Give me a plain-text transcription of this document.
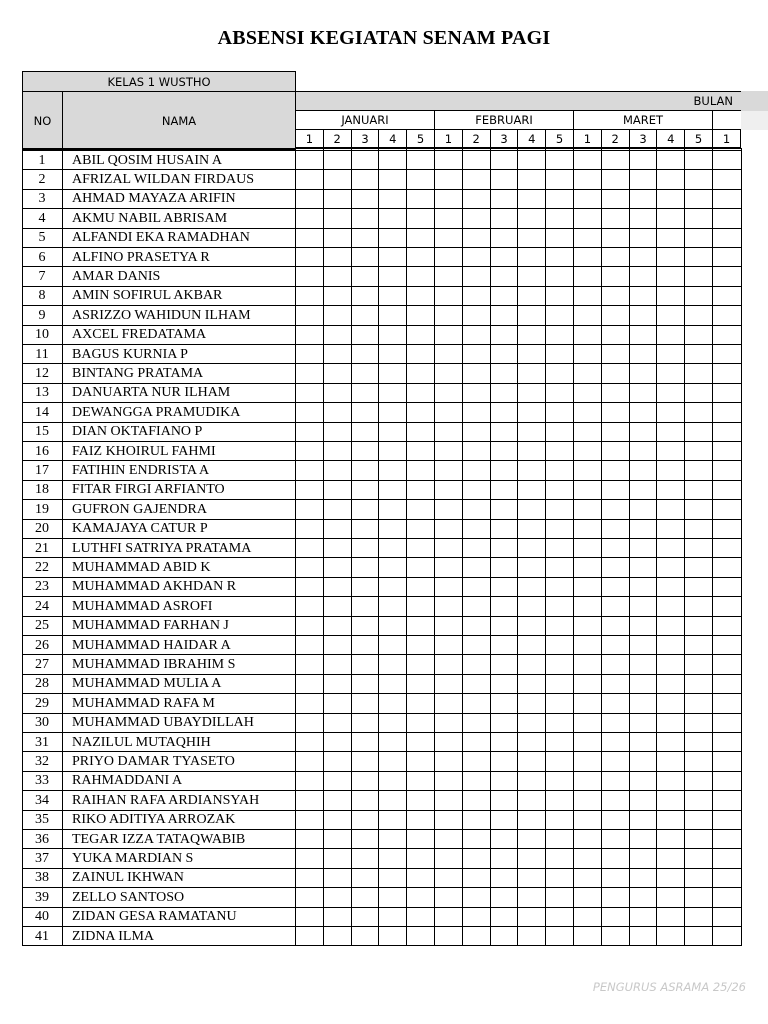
ABSENSI KEGIATAN SENAM PAGI
KELAS 1 WUSTHO
NO	NAMA
BULAN
JANUARI	FEBRUARI	MARET
1	2	3	4	5	1	2	3	4	5	1	2	3	4	5	1
1	ABIL QOSIM HUSAIN A
2	AFRIZAL WILDAN FIRDAUS
3	AHMAD MAYAZA ARIFIN
4	AKMU NABIL ABRISAM
5	ALFANDI EKA RAMADHAN
6	ALFINO PRASETYA R
7	AMAR DANIS
8	AMIN SOFIRUL AKBAR
9	ASRIZZO WAHIDUN ILHAM
10	AXCEL FREDATAMA
11	BAGUS KURNIA P
12	BINTANG PRATAMA
13	DANUARTA NUR ILHAM
14	DEWANGGA PRAMUDIKA
15	DIAN OKTAFIANO P
16	FAIZ KHOIRUL FAHMI
17	FATIHIN ENDRISTA A
18	FITAR FIRGI ARFIANTO
19	GUFRON GAJENDRA
20	KAMAJAYA CATUR P
21	LUTHFI SATRIYA PRATAMA
22	MUHAMMAD ABID K
23	MUHAMMAD AKHDAN R
24	MUHAMMAD ASROFI
25	MUHAMMAD FARHAN J
26	MUHAMMAD HAIDAR A
27	MUHAMMAD IBRAHIM S
28	MUHAMMAD MULIA A
29	MUHAMMAD RAFA M
30	MUHAMMAD UBAYDILLAH
31	NAZILUL MUTAQHIH
32	PRIYO DAMAR TYASETO
33	RAHMADDANI A
34	RAIHAN RAFA ARDIANSYAH
35	RIKO ADITIYA ARROZAK
36	TEGAR IZZA TATAQWABIB
37	YUKA MARDIAN S
38	ZAINUL IKHWAN
39	ZELLO SANTOSO
40	ZIDAN GESA RAMATANU
41	ZIDNA ILMA
PENGURUS ASRAMA 25/26
